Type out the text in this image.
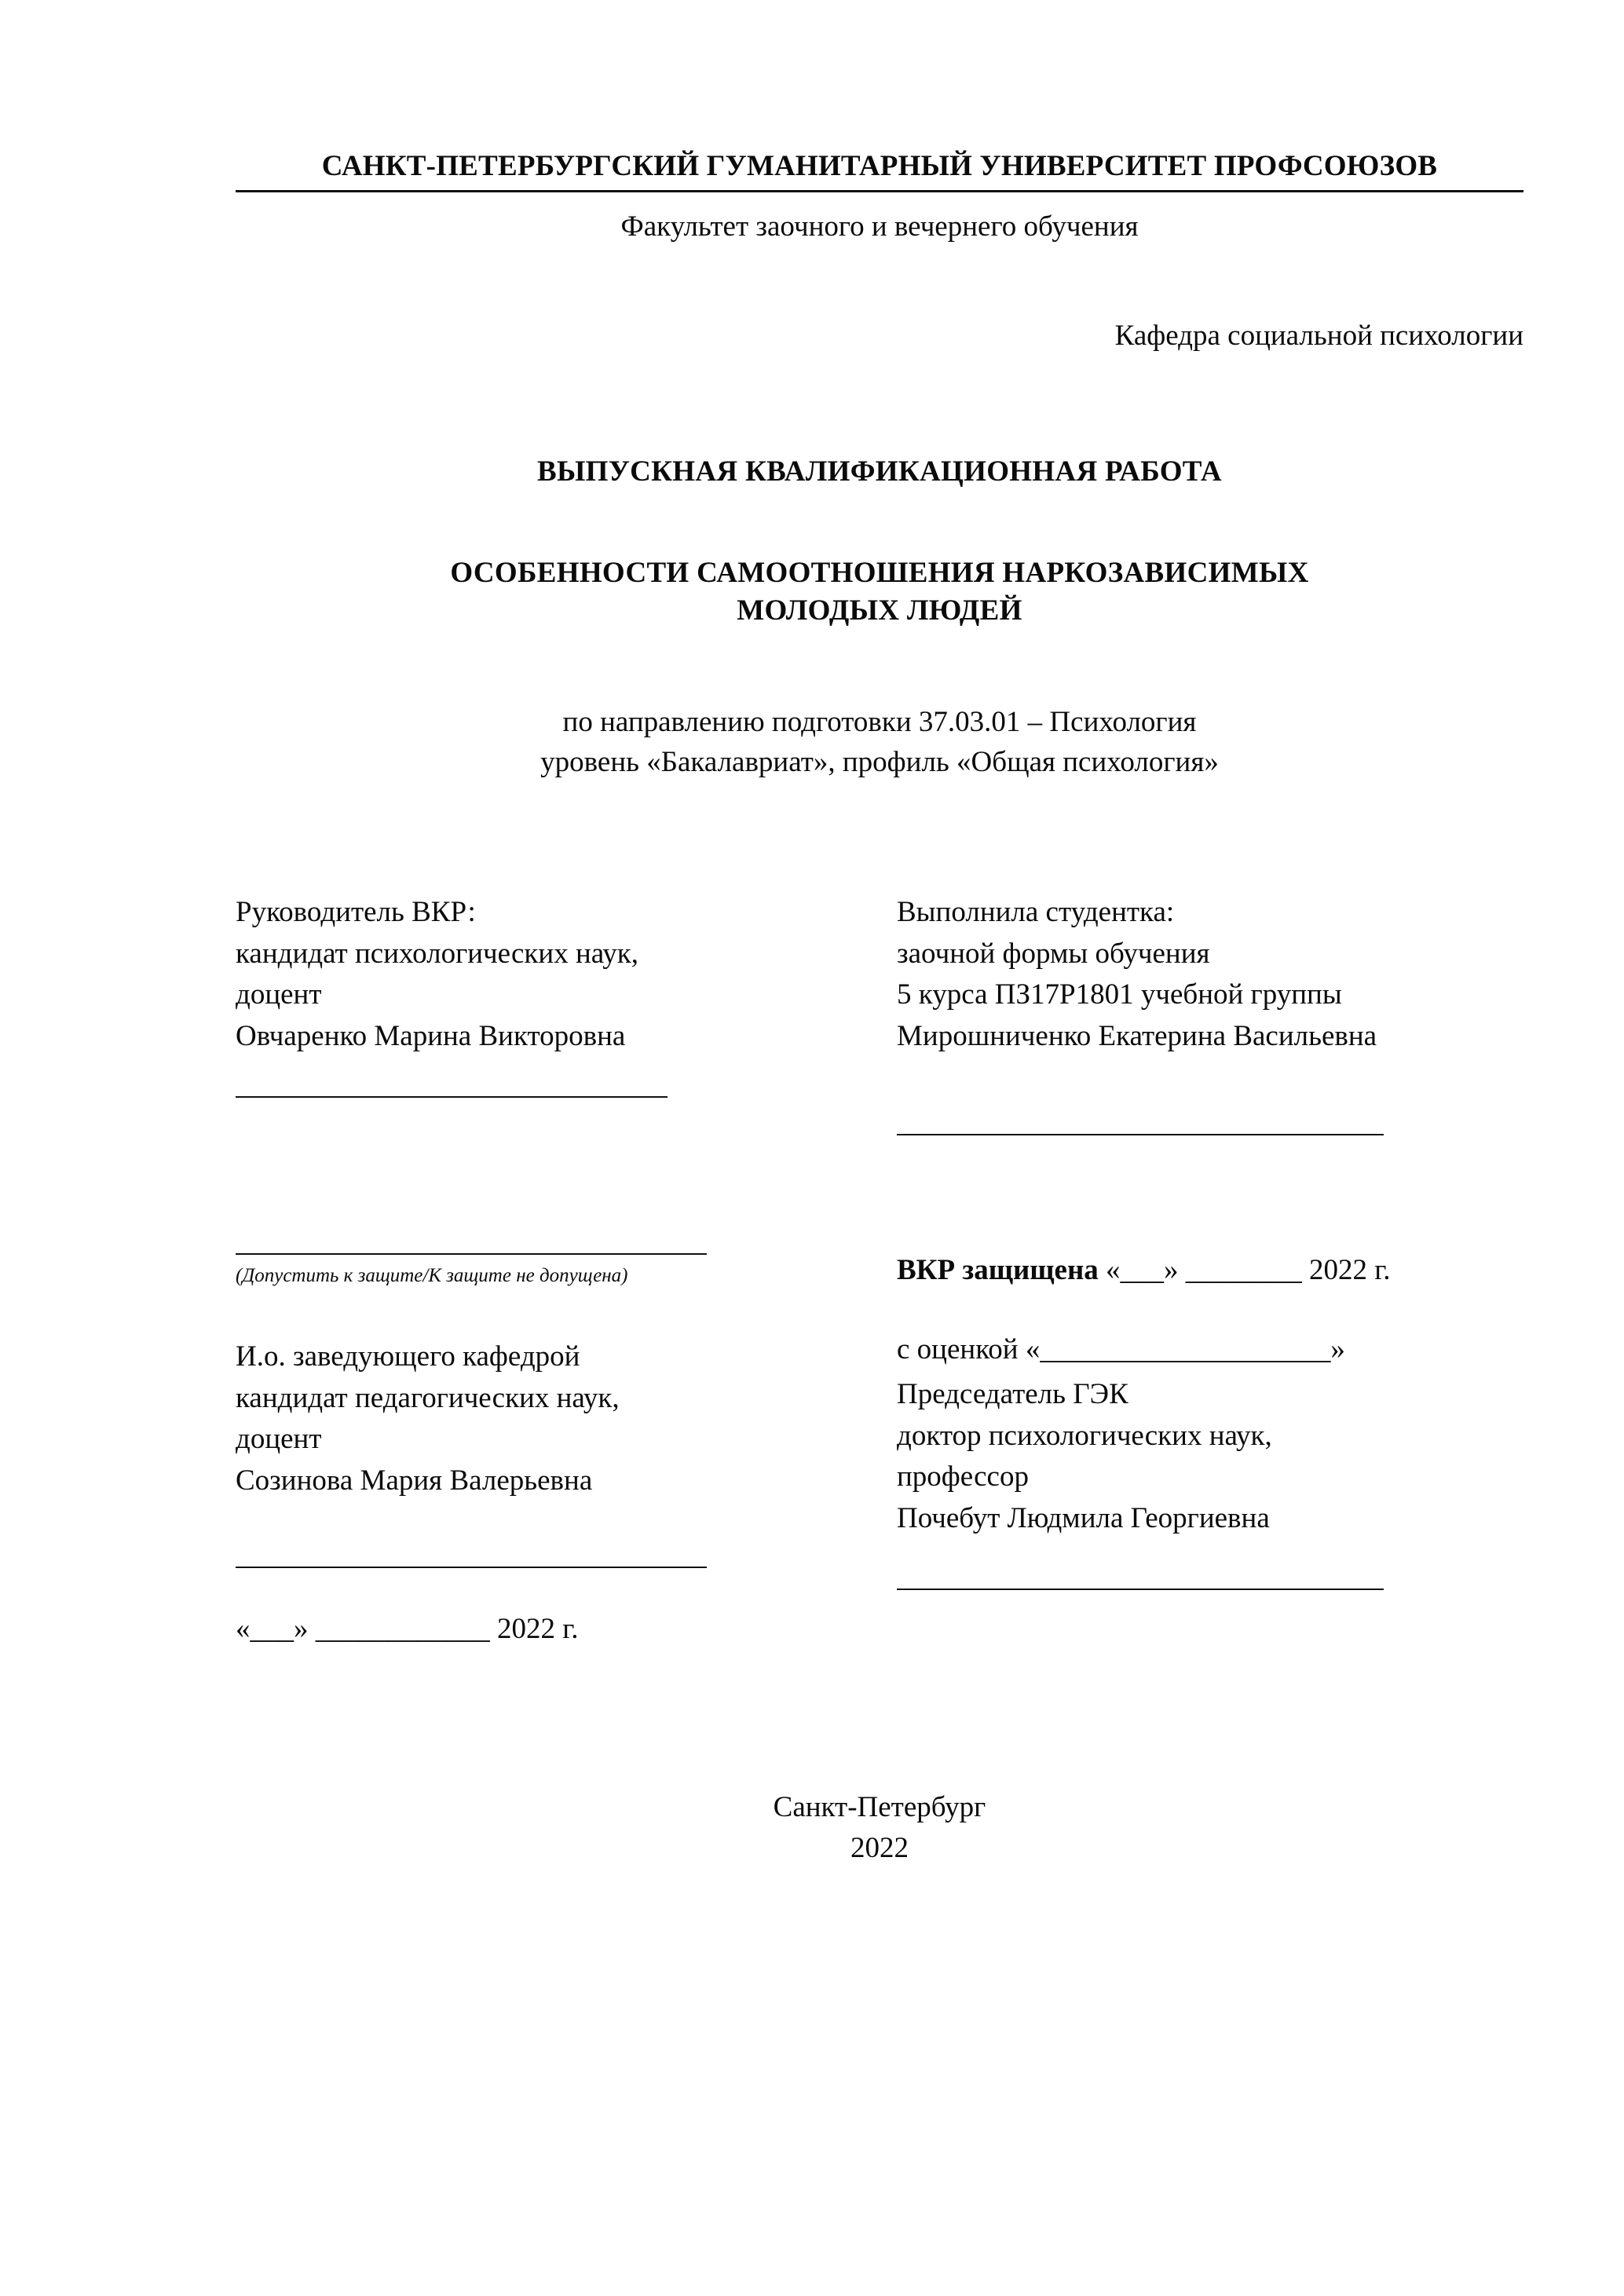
САНКТ-ПЕТЕРБУРГСКИЙ ГУМАНИТАРНЫЙ УНИВЕРСИТЕТ ПРОФСОЮЗОВ
Факультет заочного и вечернего обучения
Кафедра социальной психологии
ВЫПУСКНАЯ КВАЛИФИКАЦИОННАЯ РАБОТА
ОСОБЕННОСТИ САМООТНОШЕНИЯ НАРКОЗАВИСИМЫХ
МОЛОДЫХ ЛЮДЕЙ
по направлению подготовки 37.03.01 – Психология
уровень «Бакалавриат», профиль «Общая психология»
Руководитель ВКР:
кандидат психологических наук,
доцент
Овчаренко Марина Викторовна
Выполнила студентка:
заочной формы обучения
5 курса ПЗ17Р1801 учебной группы
Мирошниченко Екатерина Васильевна
(Допустить к защите/К защите не допущена)
И.о. заведующего кафедрой
кандидат педагогических наук,
доцент
Созинова Мария Валерьевна
«___» ____________ 2022 г.
ВКР защищена «___» ________ 2022 г.
с оценкой «____________________»
Председатель ГЭК
доктор психологических наук,
профессор
Почебут Людмила Георгиевна
Санкт-Петербург
2022
